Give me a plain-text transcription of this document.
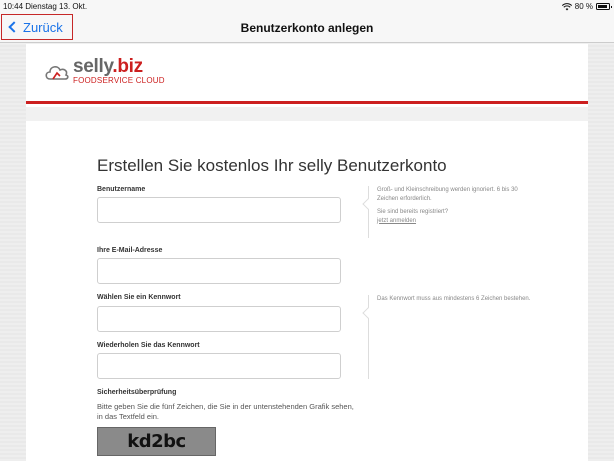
10:44 Dienstag 13. Okt.	80 %
Zurück	Benutzerkonto anlegen
selly.biz
FOODSERVICE CLOUD
Erstellen Sie kostenlos Ihr selly Benutzerkonto
Benutzername
Ihre E-Mail-Adresse
Wählen Sie ein Kennwort
Wiederholen Sie das Kennwort

Groß- und Kleinschreibung werden ignoriert. 6 bis 30 Zeichen erforderlich.

Sie sind bereits registriert?
jetzt anmelden

Das Kennwort muss aus mindestens 6 Zeichen bestehen.

Sicherheitsüberprüfung
Bitte geben Sie die fünf Zeichen, die Sie in der untenstehenden Grafik sehen, in das Textfeld ein.
kd2bc
